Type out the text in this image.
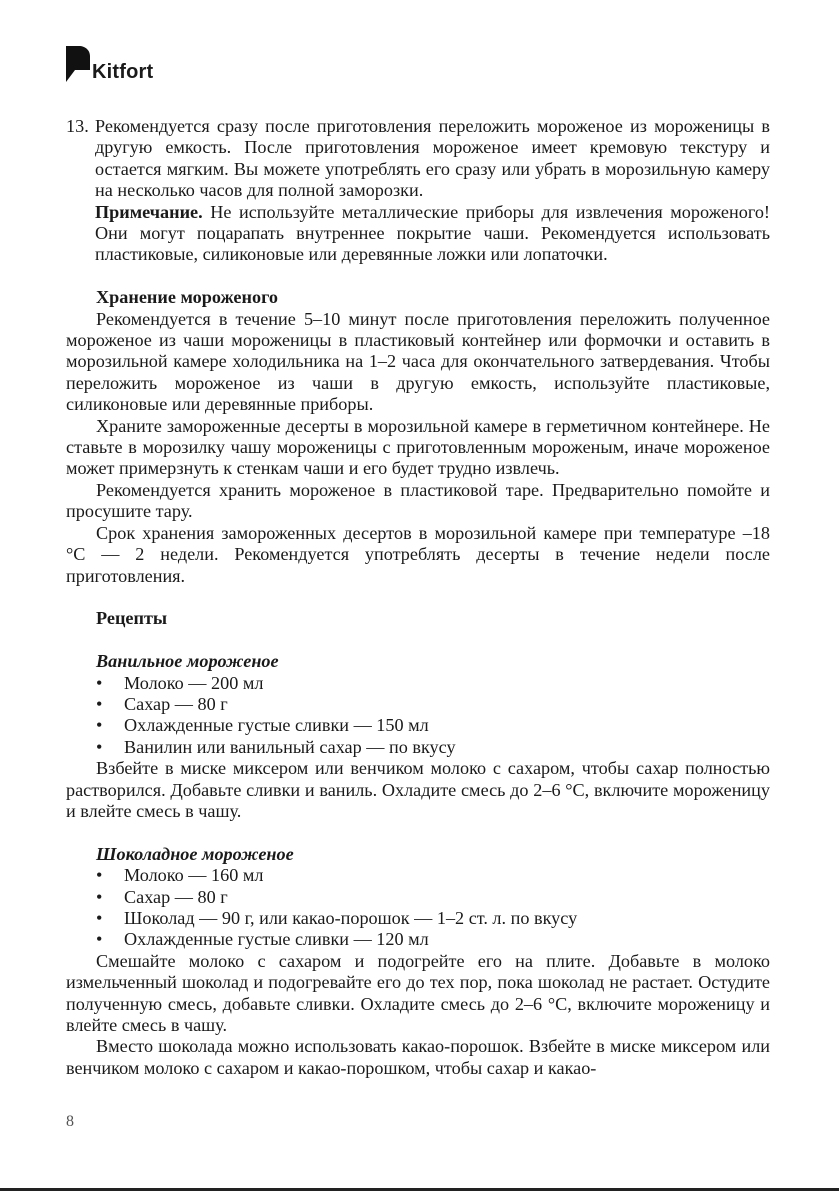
Kitfort
13. Рекомендуется сразу после приготовления переложить мороженое из мороженицы в другую емкость. После приготовления мороженое имеет кремовую текстуру и остается мягким. Вы можете употреблять его сразу или убрать в морозильную камеру на несколько часов для полной заморозки.

Примечание. Не используйте металлические приборы для извлечения мороженого! Они могут поцарапать внутреннее покрытие чаши. Рекомендуется использовать пластиковые, силиконовые или деревянные ложки или лопаточки.

Хранение мороженого

Рекомендуется в течение 5–10 минут после приготовления переложить полученное мороженое из чаши мороженицы в пластиковый контейнер или формочки и оставить в морозильной камере холодильника на 1–2 часа для окончательного затвердевания. Чтобы переложить мороженое из чаши в другую емкость, используйте пластиковые, силиконовые или деревянные приборы.

Храните замороженные десерты в морозильной камере в герметичном контейнере. Не ставьте в морозилку чашу мороженицы с приготовленным мороженым, иначе мороженое может примерзнуть к стенкам чаши и его будет трудно извлечь.

Рекомендуется хранить мороженое в пластиковой таре. Предварительно помойте и просушите тару.

Срок хранения замороженных десертов в морозильной камере при температуре –18 °C — 2 недели. Рекомендуется употреблять десерты в течение недели после приготовления.

Рецепты

Ванильное мороженое

•	Молоко — 200 мл
•	Сахар — 80 г
•	Охлажденные густые сливки — 150 мл
•	Ванилин или ванильный сахар — по вкусу

Взбейте в миске миксером или венчиком молоко с сахаром, чтобы сахар полностью растворился. Добавьте сливки и ваниль. Охладите смесь до 2–6 °C, включите мороженицу и влейте смесь в чашу.

Шоколадное мороженое

•	Молоко — 160 мл
•	Сахар — 80 г
•	Шоколад — 90 г, или какао-порошок — 1–2 ст. л. по вкусу
•	Охлажденные густые сливки — 120 мл

Смешайте молоко с сахаром и подогрейте его на плите. Добавьте в молоко измельченный шоколад и подогревайте его до тех пор, пока шоколад не растает. Остудите полученную смесь, добавьте сливки. Охладите смесь до 2–6 °C, включите мороженицу и влейте смесь в чашу.

Вместо шоколада можно использовать какао-порошок. Взбейте в миске миксером или венчиком молоко с сахаром и какао-порошком, чтобы сахар и какао-

8
